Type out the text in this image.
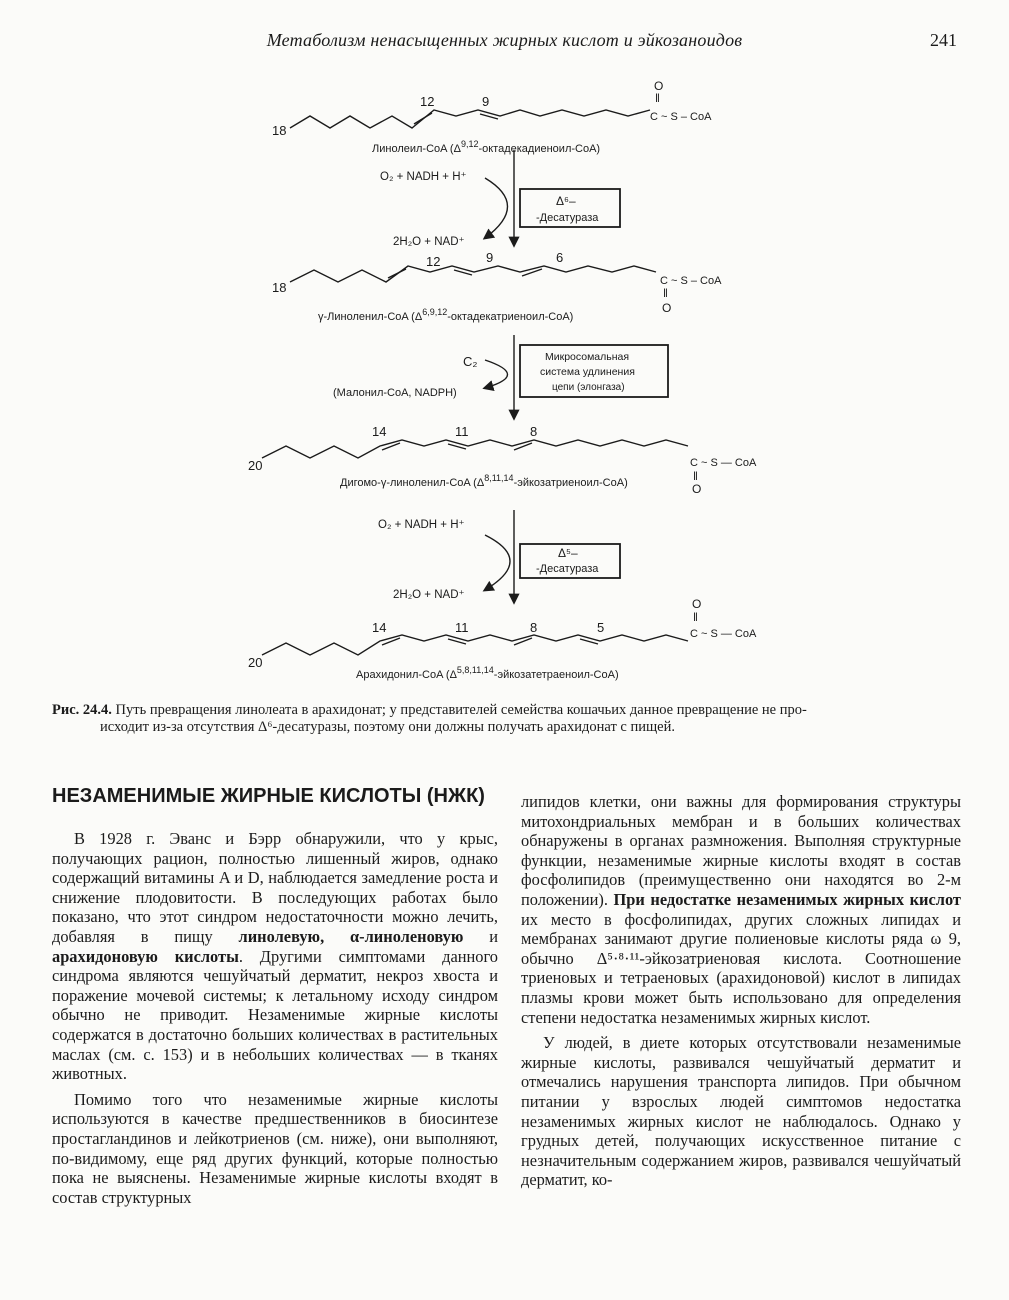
Метаболизм ненасыщенных жирных кислот и эйкозаноидов	241
18
12	9
O
‖
C ~ S – CoA
Линолеил-CoA $(\Delta^{9,12}-октадекадиеноил-CoA)$
O₂ + NADH + H⁺
2H₂O + NAD⁺
Δ⁶–
-Десатураза
18
12	9	6
C ~ S – CoA
‖
O
γ-Линоленил-CoA $(\Delta^{6,9,12}-октадекатриеноил-CoA)$
C₂
(Малонил-CoA, NADPH)
Микросомальная
система удлинения
цепи (элонгаза)
20
14	11	8
C ~ S — CoA
‖
O
Дигомо-γ-линоленил-CoA $(\Delta^{8,11,14}-эйкозатриеноил-CoA)$
O₂ + NADH + H⁺
2H₂O + NAD⁺
Δ⁵–
-Десатураза
20
14	11	8	5
O
‖
C ~ S — CoA
Арахидонил-CoA $(\Delta^{5,8,11,14}-эйкозатетраеноил-CoA)$
Рис. 24.4. Путь превращения линолеата в арахидонат; у представителей семейства кошачьих данное превращение не про-
исходит из-за отсутствия Δ⁶-десатуразы, поэтому они должны получать арахидонат с пищей.
НЕЗАМЕНИМЫЕ ЖИРНЫЕ КИСЛОТЫ (НЖК)

В 1928 г. Эванс и Бэрр обнаружили, что у крыс, получающих рацион, полностью лишенный жиров, однако содержащий витамины A и D, наблюдается замедление роста и снижение плодовитости. В последующих работах было показано, что этот синдром недостаточности можно лечить, добавляя в пищу линолевую, α-линоленовую и арахидоновую кислоты. Другими симптомами данного синдрома являются чешуйчатый дерматит, некроз хвоста и поражение мочевой системы; к летальному исходу синдром обычно не приводит. Незаменимые жирные кислоты содержатся в достаточно больших количествах в растительных маслах (см. с. 153) и в небольших количествах — в тканях животных.

Помимо того что незаменимые жирные кислоты используются в качестве предшественников в биосинтезе простагландинов и лейкотриенов (см. ниже), они выполняют, по-видимому, еще ряд других функций, которые полностью пока не выяснены. Незаменимые жирные кислоты входят в состав структурных

липидов клетки, они важны для формирования структуры митохондриальных мембран и в больших количествах обнаружены в органах размножения. Выполняя структурные функции, незаменимые жирные кислоты входят в состав фосфолипидов (преимущественно они находятся во 2-м положении). При недостатке незаменимых жирных кислот их место в фосфолипидах, других сложных липидах и мембранах занимают другие полиеновые кислоты ряда ω 9, обычно Δ⁵·⁸·¹¹-эйкозатриеновая кислота. Соотношение триеновых и тетраеновых (арахидоновой) кислот в липидах плазмы крови может быть использовано для определения степени недостатка незаменимых жирных кислот.

У людей, в диете которых отсутствовали незаменимые жирные кислоты, развивался чешуйчатый дерматит и отмечались нарушения транспорта липидов. При обычном питании у взрослых людей симптомов недостатка незаменимых жирных кислот не наблюдалось. Однако у грудных детей, получающих искусственное питание с незначительным содержанием жиров, развивался чешуйчатый дерматит, ко-
